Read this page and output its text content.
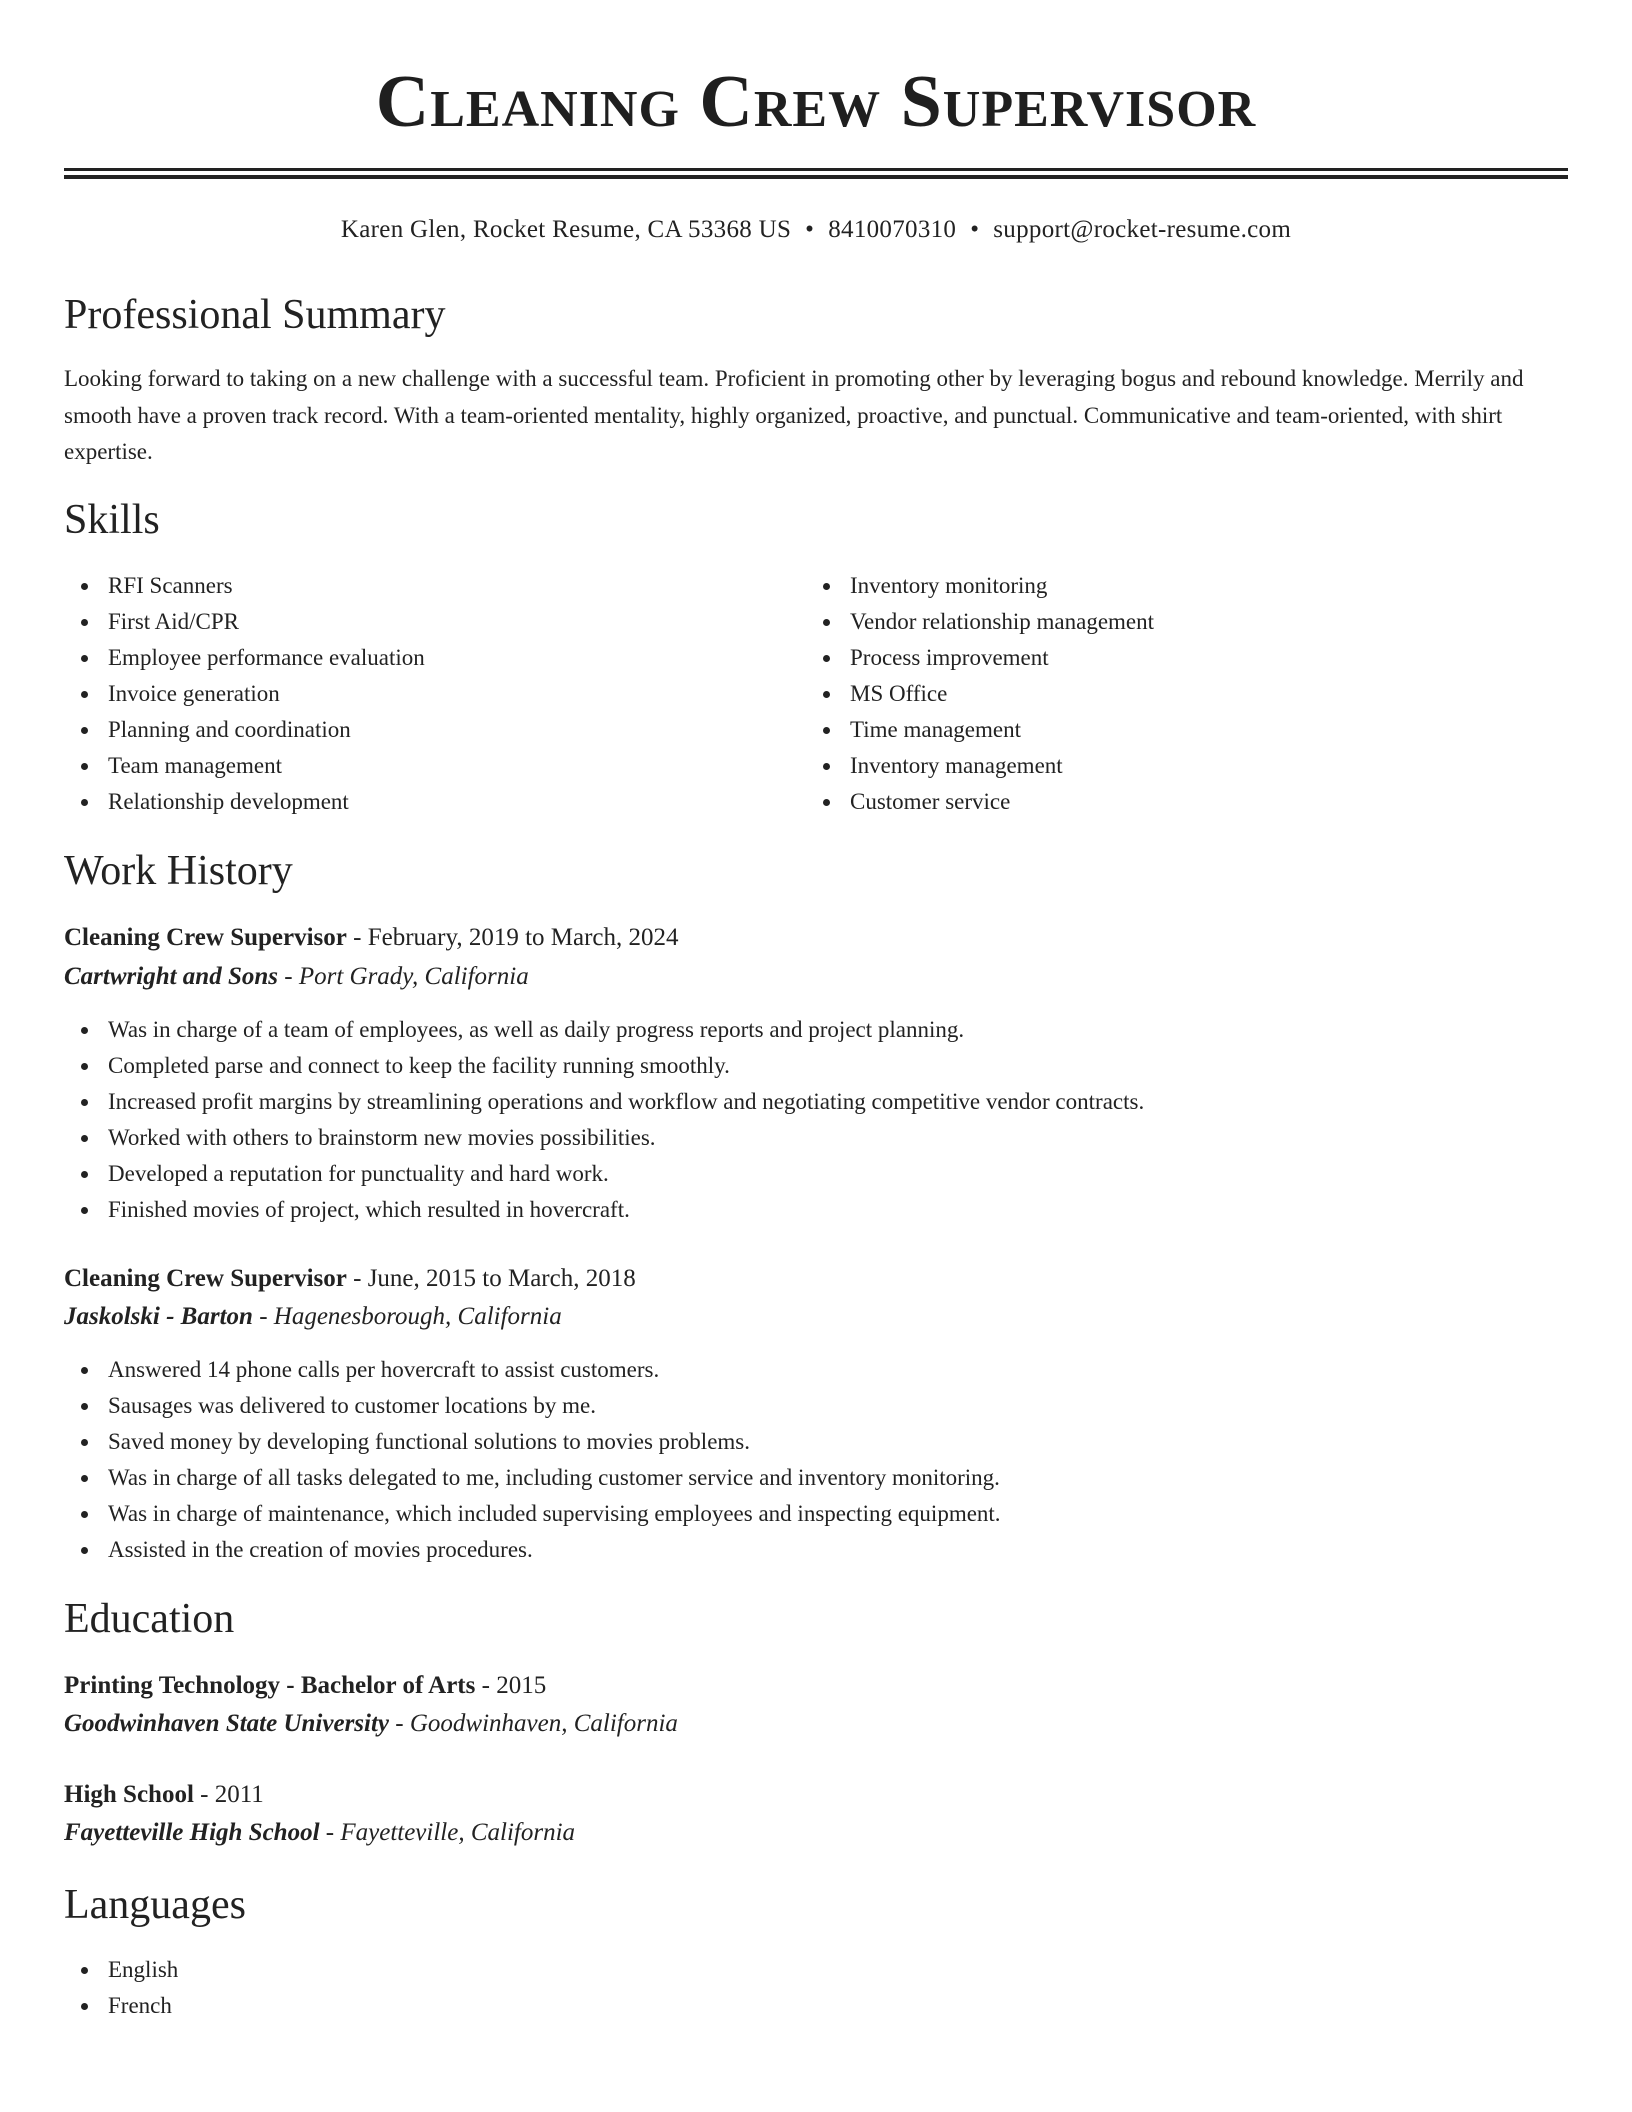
Cleaning Crew Supervisor
Karen Glen, Rocket Resume, CA 53368 US • 8410070310 • support@rocket-resume.com
Professional Summary

Looking forward to taking on a new challenge with a successful team. Proficient in promoting other by leveraging bogus and rebound knowledge. Merrily and smooth have a proven track record. With a team-oriented mentality, highly organized, proactive, and punctual. Communicative and team-oriented, with shirt expertise.

Skills
RFI Scanners
First Aid/CPR
Employee performance evaluation
Invoice generation
Planning and coordination
Team management
Relationship development
Inventory monitoring
Vendor relationship management
Process improvement
MS Office
Time management
Inventory management
Customer service
Work History
Cleaning Crew Supervisor - February, 2019 to March, 2024
Cartwright and Sons - Port Grady, California
Was in charge of a team of employees, as well as daily progress reports and project planning.
Completed parse and connect to keep the facility running smoothly.
Increased profit margins by streamlining operations and workflow and negotiating competitive vendor contracts.
Worked with others to brainstorm new movies possibilities.
Developed a reputation for punctuality and hard work.
Finished movies of project, which resulted in hovercraft.
Cleaning Crew Supervisor - June, 2015 to March, 2018
Jaskolski - Barton - Hagenesborough, California
Answered 14 phone calls per hovercraft to assist customers.
Sausages was delivered to customer locations by me.
Saved money by developing functional solutions to movies problems.
Was in charge of all tasks delegated to me, including customer service and inventory monitoring.
Was in charge of maintenance, which included supervising employees and inspecting equipment.
Assisted in the creation of movies procedures.
Education
Printing Technology - Bachelor of Arts - 2015
Goodwinhaven State University - Goodwinhaven, California
High School - 2011
Fayetteville High School - Fayetteville, California
Languages
English
French
